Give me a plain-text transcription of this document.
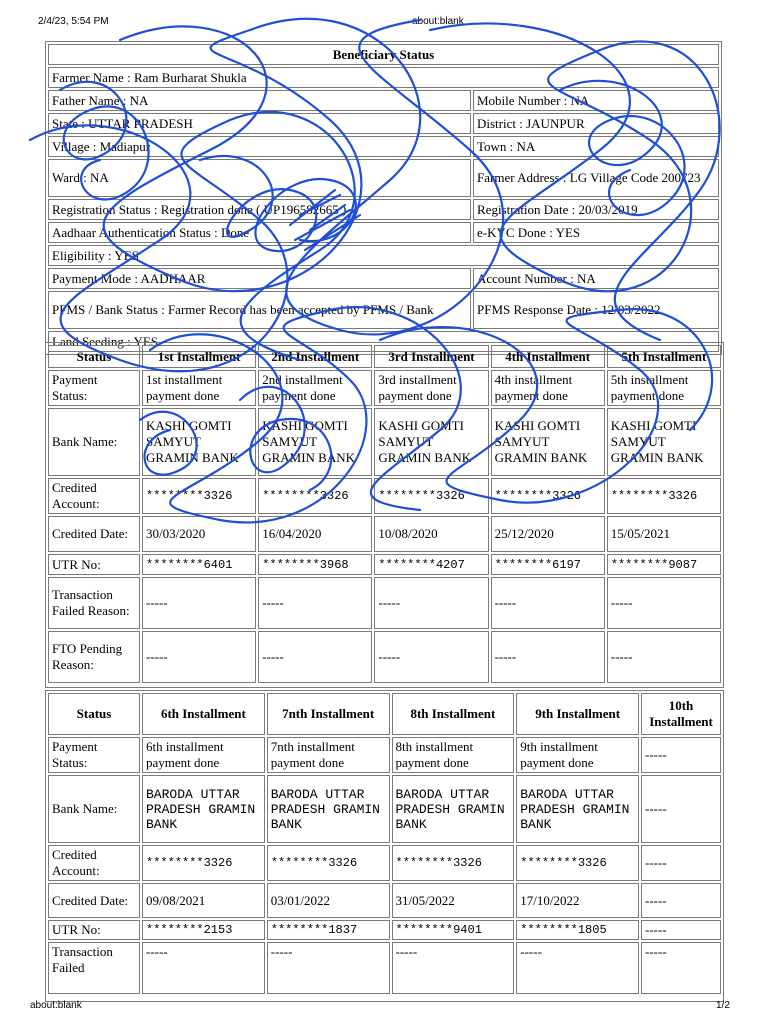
2/4/23, 5:54 PM	about:blank
Beneficiary Status	
Farmer Name : Ram Burharat Shukla	
Father Name : NA	Mobile Number : NA
State : UTTAR PRADESH	District : JAUNPUR
Village : Madiapur	Town : NA
Ward : NA	Farmer Address : LG Village Code 200723
Registration Status : Registration done ( UP196582665 )	Registration Date : 20/03/2019
Aadhaar Authentication Status : Done	e-KYC Done : YES
Eligibility : YES	
Payment Mode : AADHAAR	Account Number : NA
PFMS / Bank Status : Farmer Record has been accepted by PFMS / Bank	PFMS Response Date : 12/03/2022
Land Seeding : YES	
Status	1st Installment	2nd Installment	3rd Installment	4th Installment	5th Installment
Payment Status:	1st installment payment done	2nd installment payment done	3rd installment payment done	4th installment payment done	5th installment payment done
Bank Name:	KASHI GOMTI SAMYUT GRAMIN BANK	KASHI GOMTI SAMYUT GRAMIN BANK	KASHI GOMTI SAMYUT GRAMIN BANK	KASHI GOMTI SAMYUT GRAMIN BANK	KASHI GOMTI SAMYUT GRAMIN BANK
Credited Account:	********3326	********3326	********3326	********3326	********3326
Credited Date:	30/03/2020	16/04/2020	10/08/2020	25/12/2020	15/05/2021
UTR No:	********6401	********3968	********4207	********6197	********9087
Transaction Failed Reason:	-----	-----	-----	-----	-----
FTO Pending Reason:	-----	-----	-----	-----	-----
Status	6th Installment	7nth Installment	8th Installment	9th Installment	10th Installment
Payment Status:	6th installment payment done	7nth installment payment done	8th installment payment done	9th installment payment done	-----
Bank Name:	BARODA UTTAR PRADESH GRAMIN BANK	BARODA UTTAR PRADESH GRAMIN BANK	BARODA UTTAR PRADESH GRAMIN BANK	BARODA UTTAR PRADESH GRAMIN BANK	-----
Credited Account:	********3326	********3326	********3326	********3326	-----
Credited Date:	09/08/2021	03/01/2022	31/05/2022	17/10/2022	-----
UTR No:	********2153	********1837	********9401	********1805	-----
Transaction Failed	-----	-----	-----	-----	-----
about:blank	1/2
